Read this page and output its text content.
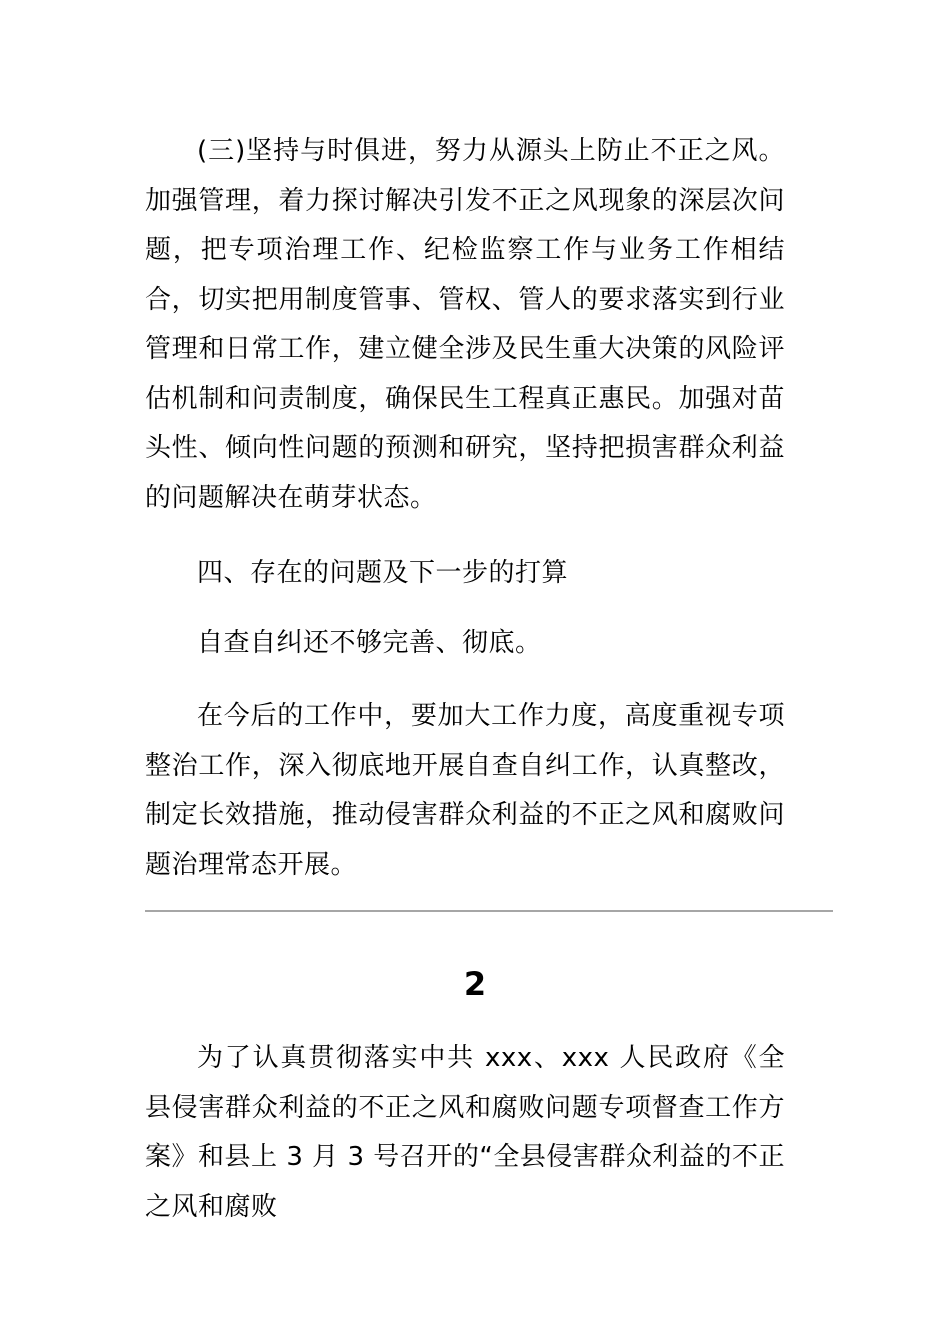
(三)坚持与时俱进，努力从源头上防止不正之风。加强管理，着力探讨解决引发不正之风现象的深层次问题，把专项治理工作、纪检监察工作与业务工作相结合，切实把用制度管事、管权、管人的要求落实到行业管理和日常工作，建立健全涉及民生重大决策的风险评估机制和问责制度，确保民生工程真正惠民。加强对苗头性、倾向性问题的预测和研究，坚持把损害群众利益的问题解决在萌芽状态。

四、存在的问题及下一步的打算

自查自纠还不够完善、彻底。

在今后的工作中，要加大工作力度，高度重视专项整治工作，深入彻底地开展自查自纠工作，认真整改，制定长效措施，推动侵害群众利益的不正之风和腐败问题治理常态开展。

2

为了认真贯彻落实中共 xxx、xxx 人民政府《全县侵害群众利益的不正之风和腐败问题专项督查工作方案》和县上 3 月 3 号召开的“全县侵害群众利益的不正之风和腐败
